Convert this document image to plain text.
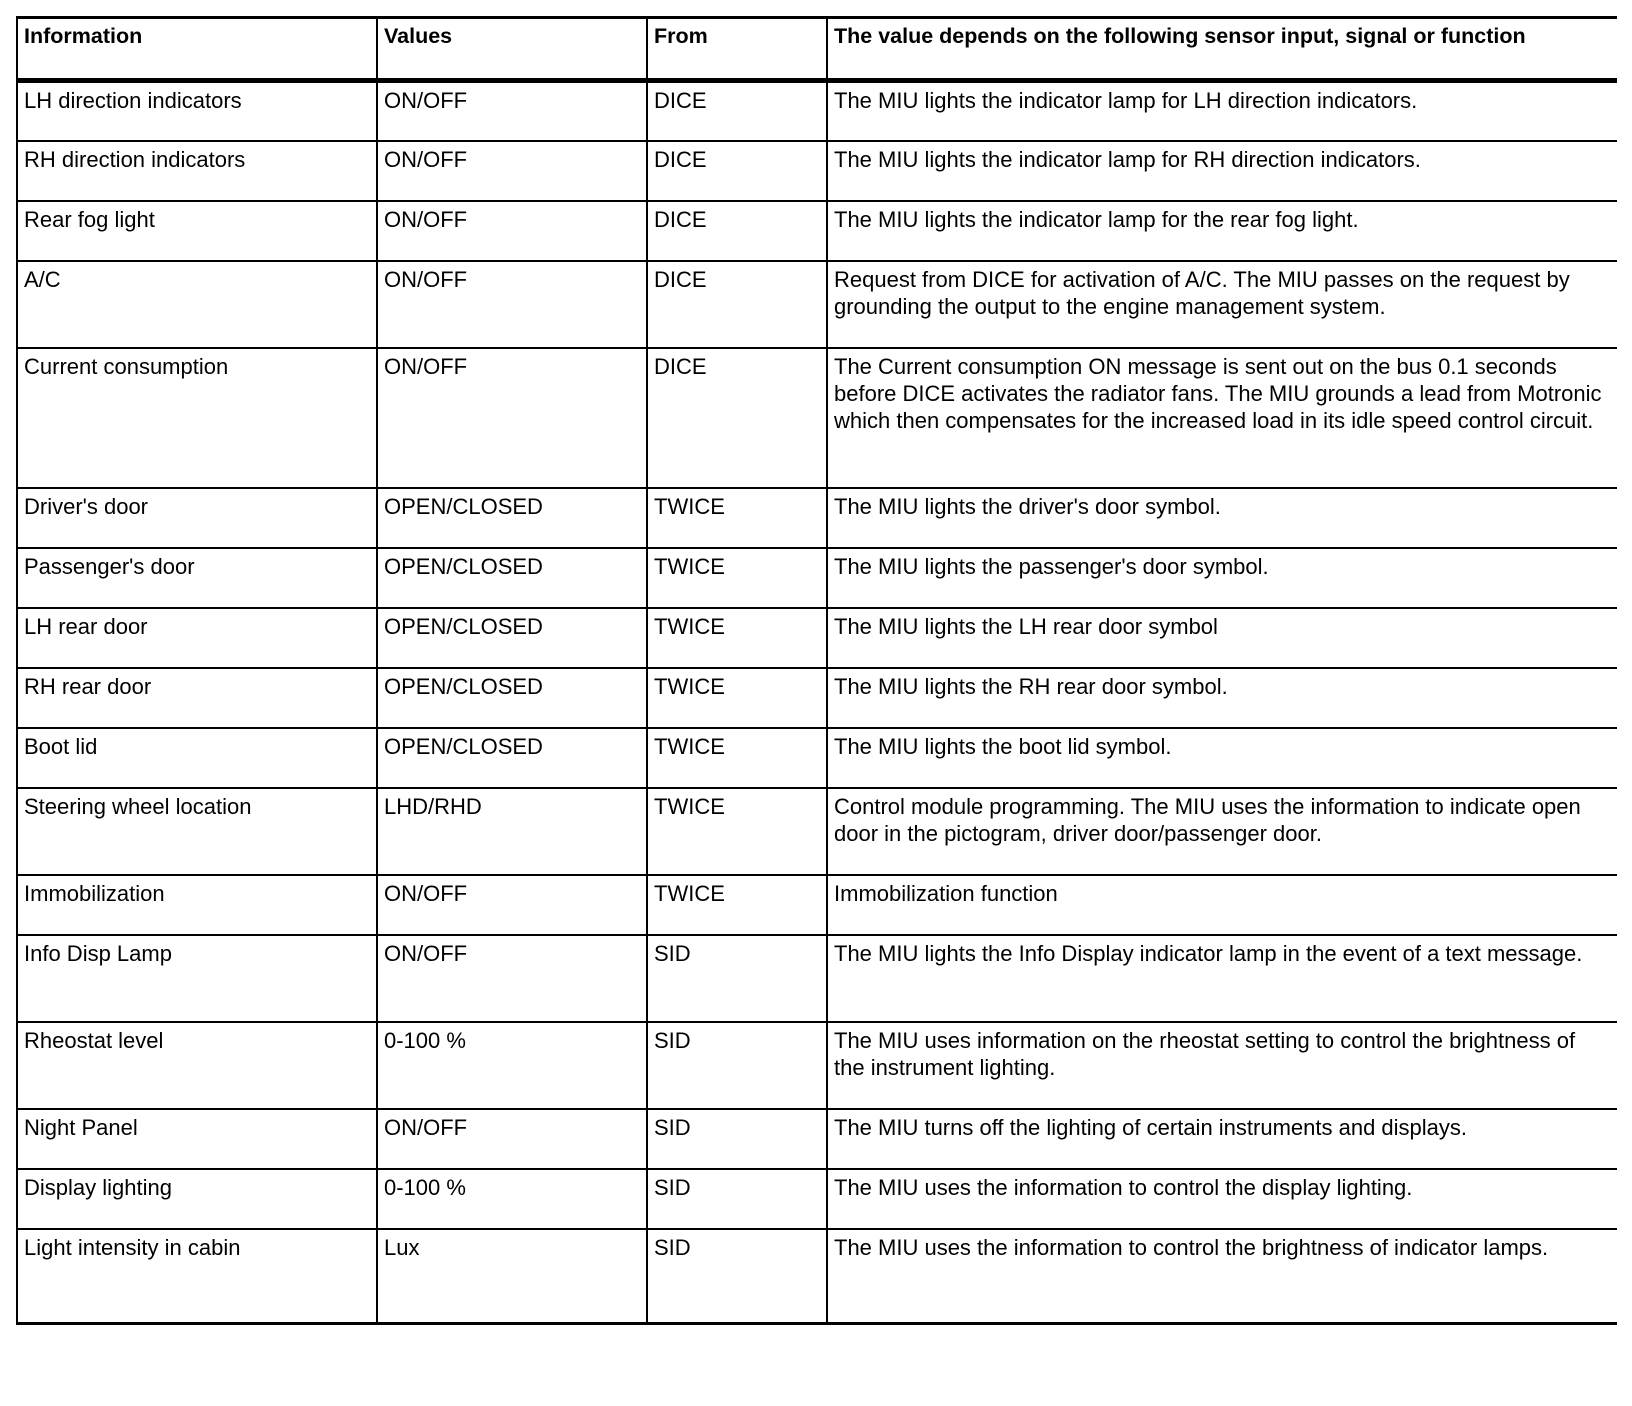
Information	Values	From	The value depends on the following sensor input, signal or function
LH direction indicators	ON/OFF	DICE	The MIU lights the indicator lamp for LH direction indicators.
RH direction indicators	ON/OFF	DICE	The MIU lights the indicator lamp for RH direction indicators.
Rear fog light	ON/OFF	DICE	The MIU lights the indicator lamp for the rear fog light.
A/C	ON/OFF	DICE	Request from DICE for activation of A/C. The MIU passes on the request by grounding the output to the engine management system.
Current consumption	ON/OFF	DICE	The Current consumption ON message is sent out on the bus 0.1 seconds before DICE activates the radiator fans. The MIU grounds a lead from Motronic which then compensates for the increased load in its idle speed control circuit.
Driver's door	OPEN/CLOSED	TWICE	The MIU lights the driver's door symbol.
Passenger's door	OPEN/CLOSED	TWICE	The MIU lights the passenger's door symbol.
LH rear door	OPEN/CLOSED	TWICE	The MIU lights the LH rear door symbol
RH rear door	OPEN/CLOSED	TWICE	The MIU lights the RH rear door symbol.
Boot lid	OPEN/CLOSED	TWICE	The MIU lights the boot lid symbol.
Steering wheel location	LHD/RHD	TWICE	Control module programming. The MIU uses the information to indicate open door in the pictogram, driver door/passenger door.
Immobilization	ON/OFF	TWICE	Immobilization function
Info Disp Lamp	ON/OFF	SID	The MIU lights the Info Display indicator lamp in the event of a text message.
Rheostat level	0-100 %	SID	The MIU uses information on the rheostat setting to control the brightness of the instrument lighting.
Night Panel	ON/OFF	SID	The MIU turns off the lighting of certain instruments and displays.
Display lighting	0-100 %	SID	The MIU uses the information to control the display lighting.
Light intensity in cabin	Lux	SID	The MIU uses the information to control the brightness of indicator lamps.
